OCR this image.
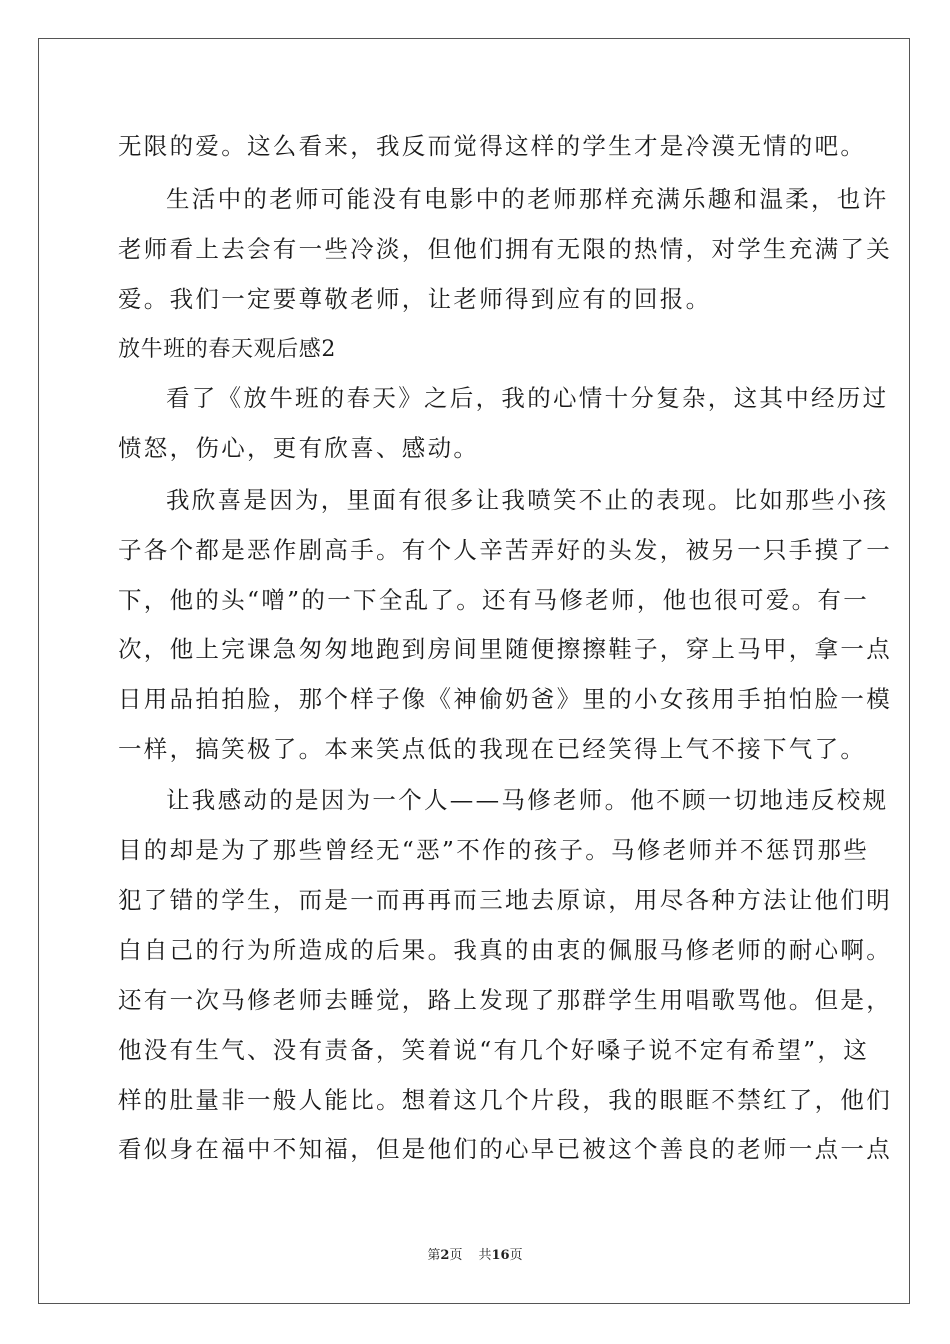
无限的爱。这么看来，我反而觉得这样的学生才是冷漠无情的吧。
生活中的老师可能没有电影中的老师那样充满乐趣和温柔，也许
老师看上去会有一些冷淡，但他们拥有无限的热情，对学生充满了关
爱。我们一定要尊敬老师，让老师得到应有的回报。
放牛班的春天观后感2
看了《放牛班的春天》之后，我的心情十分复杂，这其中经历过
愤怒，伤心，更有欣喜、感动。
我欣喜是因为，里面有很多让我喷笑不止的表现。比如那些小孩
子各个都是恶作剧高手。有个人辛苦弄好的头发，被另一只手摸了一
下，他的头“噌”的一下全乱了。还有马修老师，他也很可爱。有一
次，他上完课急匆匆地跑到房间里随便擦擦鞋子，穿上马甲，拿一点
日用品拍拍脸，那个样子像《神偷奶爸》里的小女孩用手拍怕脸一模
一样，搞笑极了。本来笑点低的我现在已经笑得上气不接下气了。
让我感动的是因为一个人——马修老师。他不顾一切地违反校规
目的却是为了那些曾经无“恶”不作的孩子。马修老师并不惩罚那些
犯了错的学生，而是一而再再而三地去原谅，用尽各种方法让他们明
白自己的行为所造成的后果。我真的由衷的佩服马修老师的耐心啊。
还有一次马修老师去睡觉，路上发现了那群学生用唱歌骂他。但是，
他没有生气、没有责备，笑着说“有几个好嗓子说不定有希望”，这
样的肚量非一般人能比。想着这几个片段，我的眼眶不禁红了，他们
看似身在福中不知福，但是他们的心早已被这个善良的老师一点一点
第2页 共16页
